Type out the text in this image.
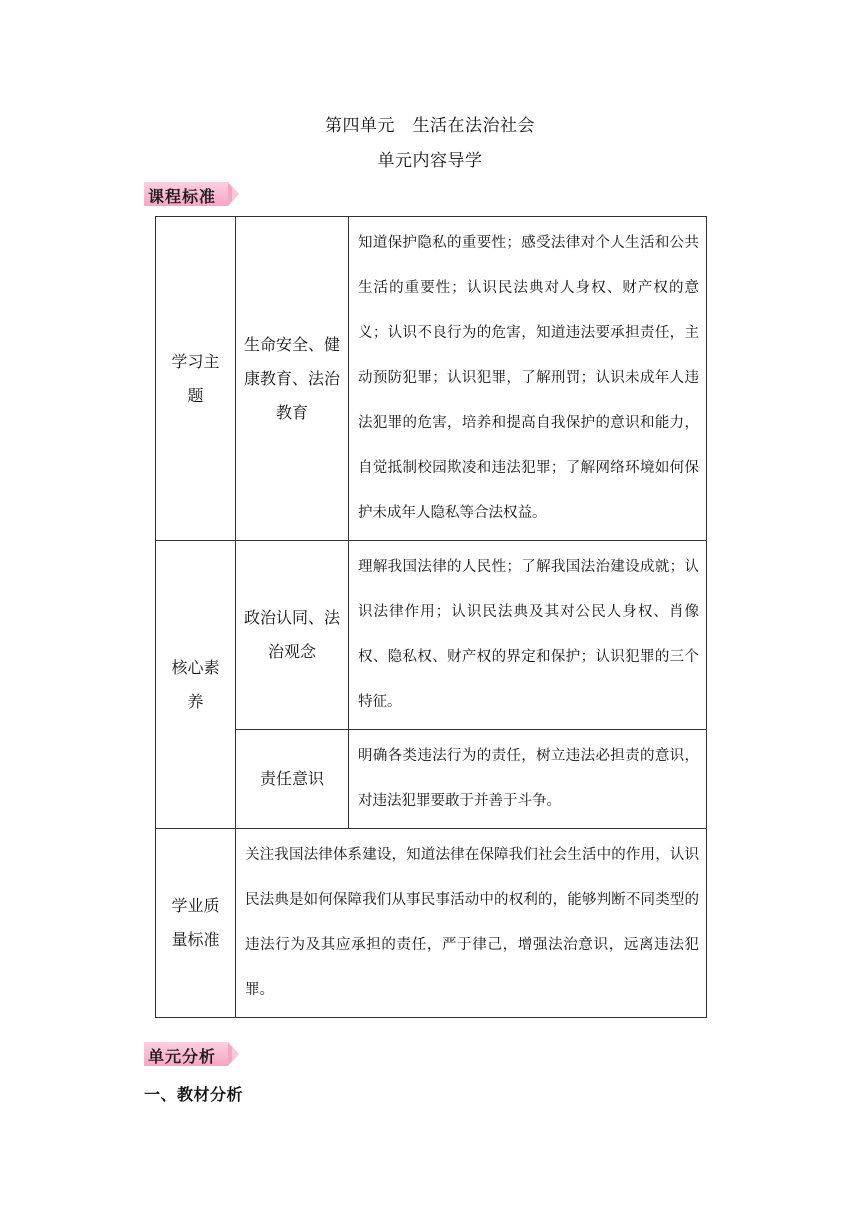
第四单元　生活在法治社会
单元内容导学
课程标准
学习主题	生命安全、健康教育、法治教育	知道保护隐私的重要性；感受法律对个人生活和公共生活的重要性；认识民法典对人身权、财产权的意义；认识不良行为的危害，知道违法要承担责任，主动预防犯罪；认识犯罪，了解刑罚；认识未成年人违法犯罪的危害，培养和提高自我保护的意识和能力，自觉抵制校园欺凌和违法犯罪；了解网络环境如何保护未成年人隐私等合法权益。
核心素养	政治认同、法治观念	理解我国法律的人民性；了解我国法治建设成就；认识法律作用；认识民法典及其对公民人身权、肖像权、隐私权、财产权的界定和保护；认识犯罪的三个特征。

	责任意识	明确各类违法行为的责任，树立违法必担责的意识，对违法犯罪要敢于并善于斗争。
学业质量标准	关注我国法律体系建设，知道法律在保障我们社会生活中的作用，认识民法典是如何保障我们从事民事活动中的权利的，能够判断不同类型的违法行为及其应承担的责任，严于律己，增强法治意识，远离违法犯罪。	
单元分析
一、教材分析
